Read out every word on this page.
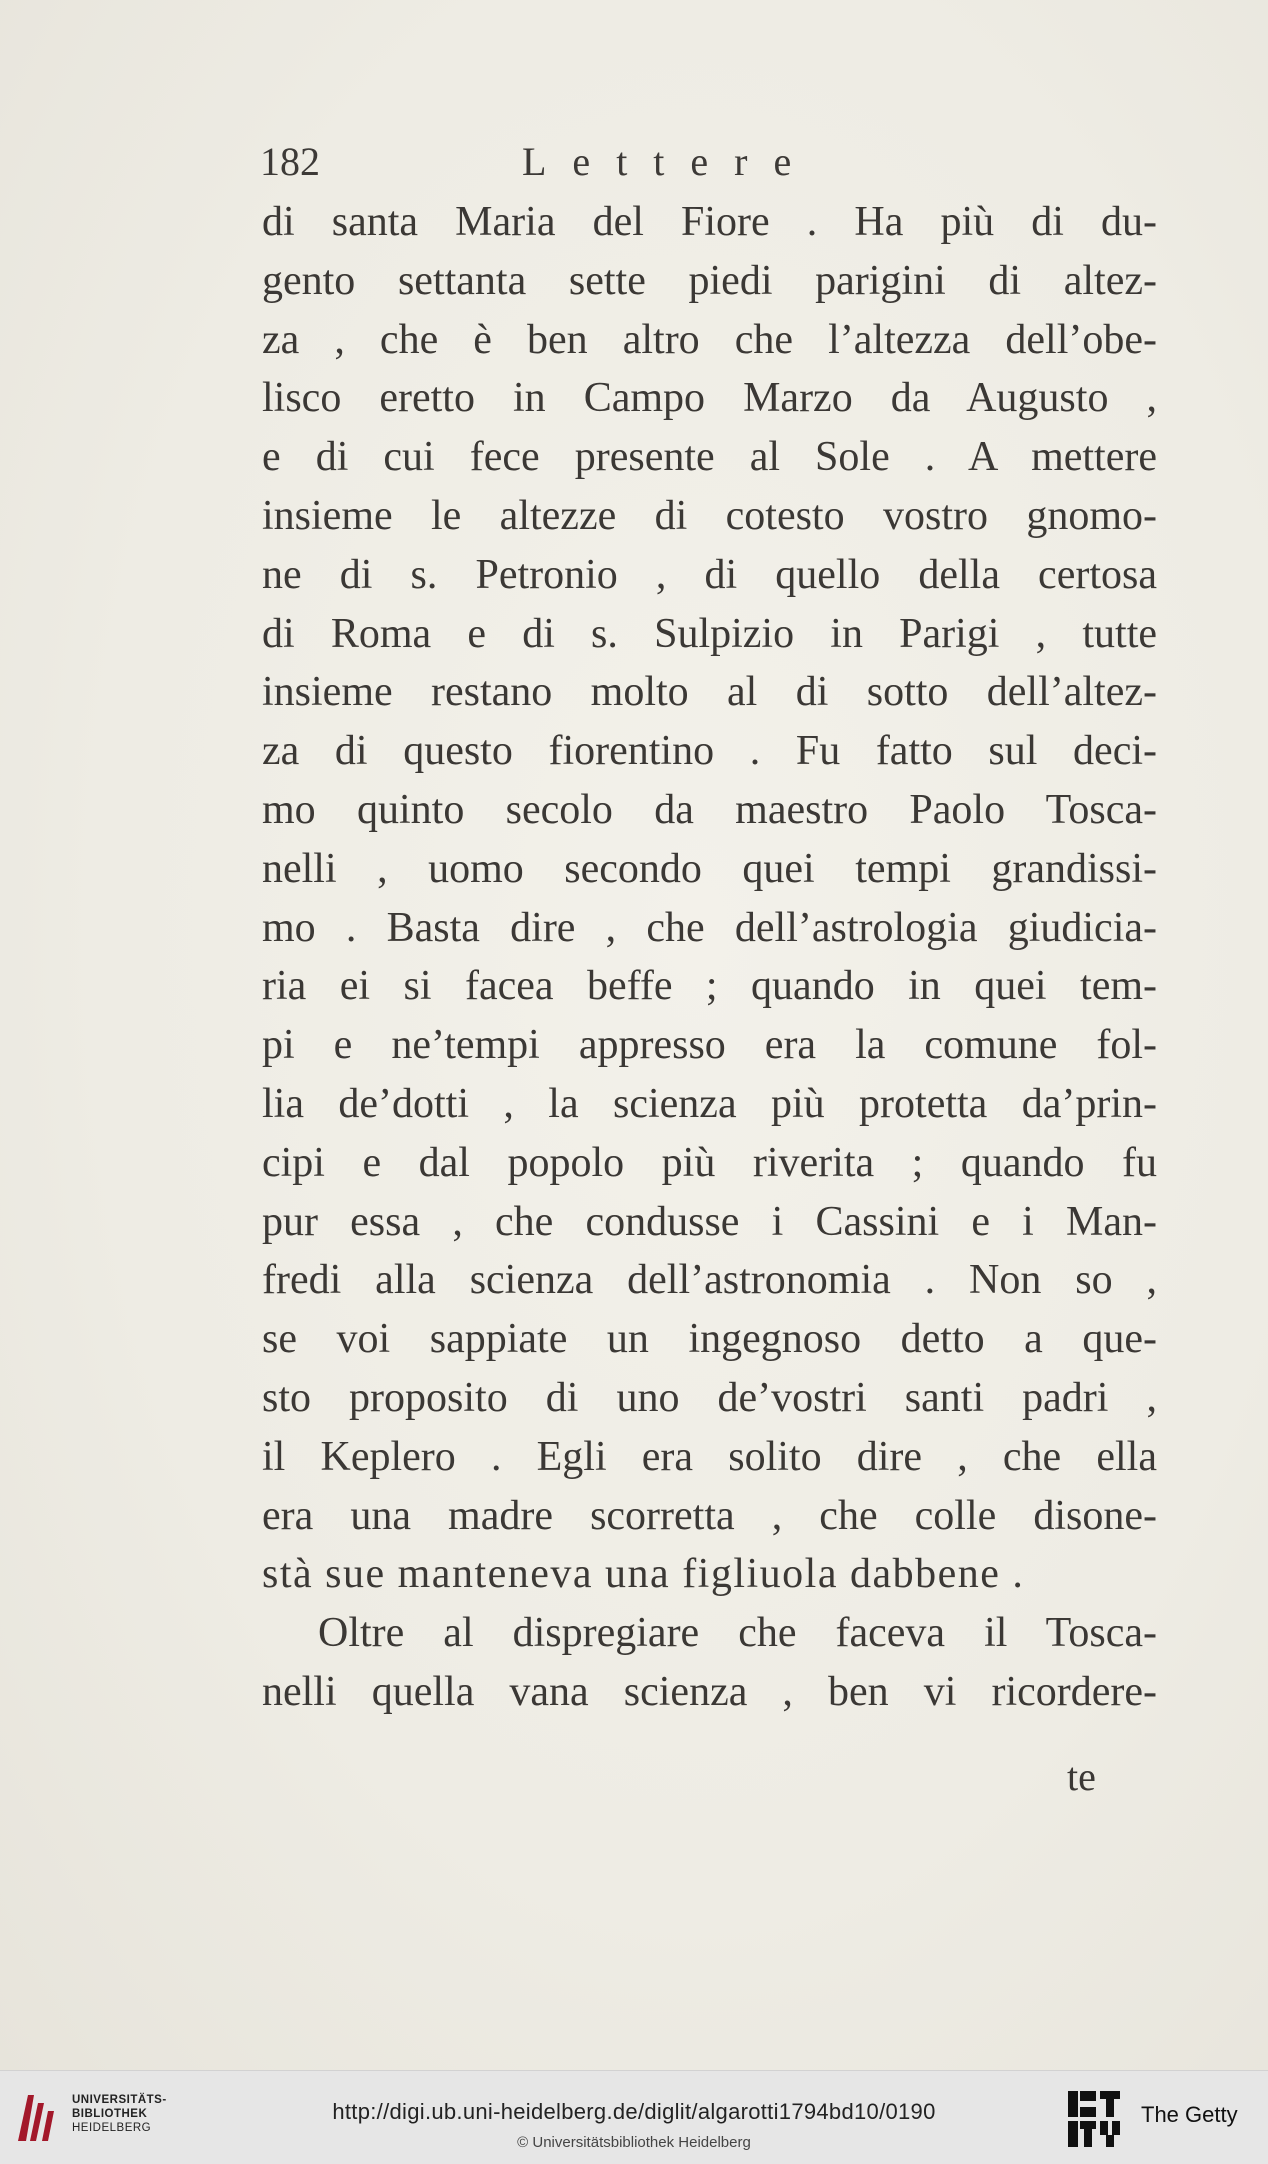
182	Lettere
di santa Maria del Fiore . Ha più di du-
gento settanta sette piedi parigini di altez-
za , che è ben altro che l’altezza dell’obe-
lisco eretto in Campo Marzo da Augusto ,
e di cui fece presente al Sole . A mettere
insieme le altezze di cotesto vostro gnomo-
ne di s. Petronio , di quello della certosa
di Roma e di s. Sulpizio in Parigi , tutte
insieme restano molto al di sotto dell’altez-
za di questo fiorentino . Fu fatto sul deci-
mo quinto secolo da maestro Paolo Tosca-
nelli , uomo secondo quei tempi grandissi-
mo . Basta dire , che dell’astrologia giudicia-
ria ei si facea beffe ; quando in quei tem-
pi e ne’tempi appresso era la comune fol-
lia de’dotti , la scienza più protetta da’prin-
cipi e dal popolo più riverita ; quando fu
pur essa , che condusse i Cassini e i Man-
fredi alla scienza dell’astronomia . Non so ,
se voi sappiate un ingegnoso detto a que-
sto proposito di uno de’vostri santi padri ,
il Keplero . Egli era solito dire , che ella
era una madre scorretta , che colle disone-
stà sue manteneva una figliuola dabbene .
Oltre al dispregiare che faceva il Tosca-
nelli quella vana scienza , ben vi ricordere-
te
UNIVERSITÄTS-
BIBLIOTHEK
HEIDELBERG
http://digi.ub.uni-heidelberg.de/diglit/algarotti1794bd10/0190
© Universitätsbibliothek Heidelberg
The Getty
